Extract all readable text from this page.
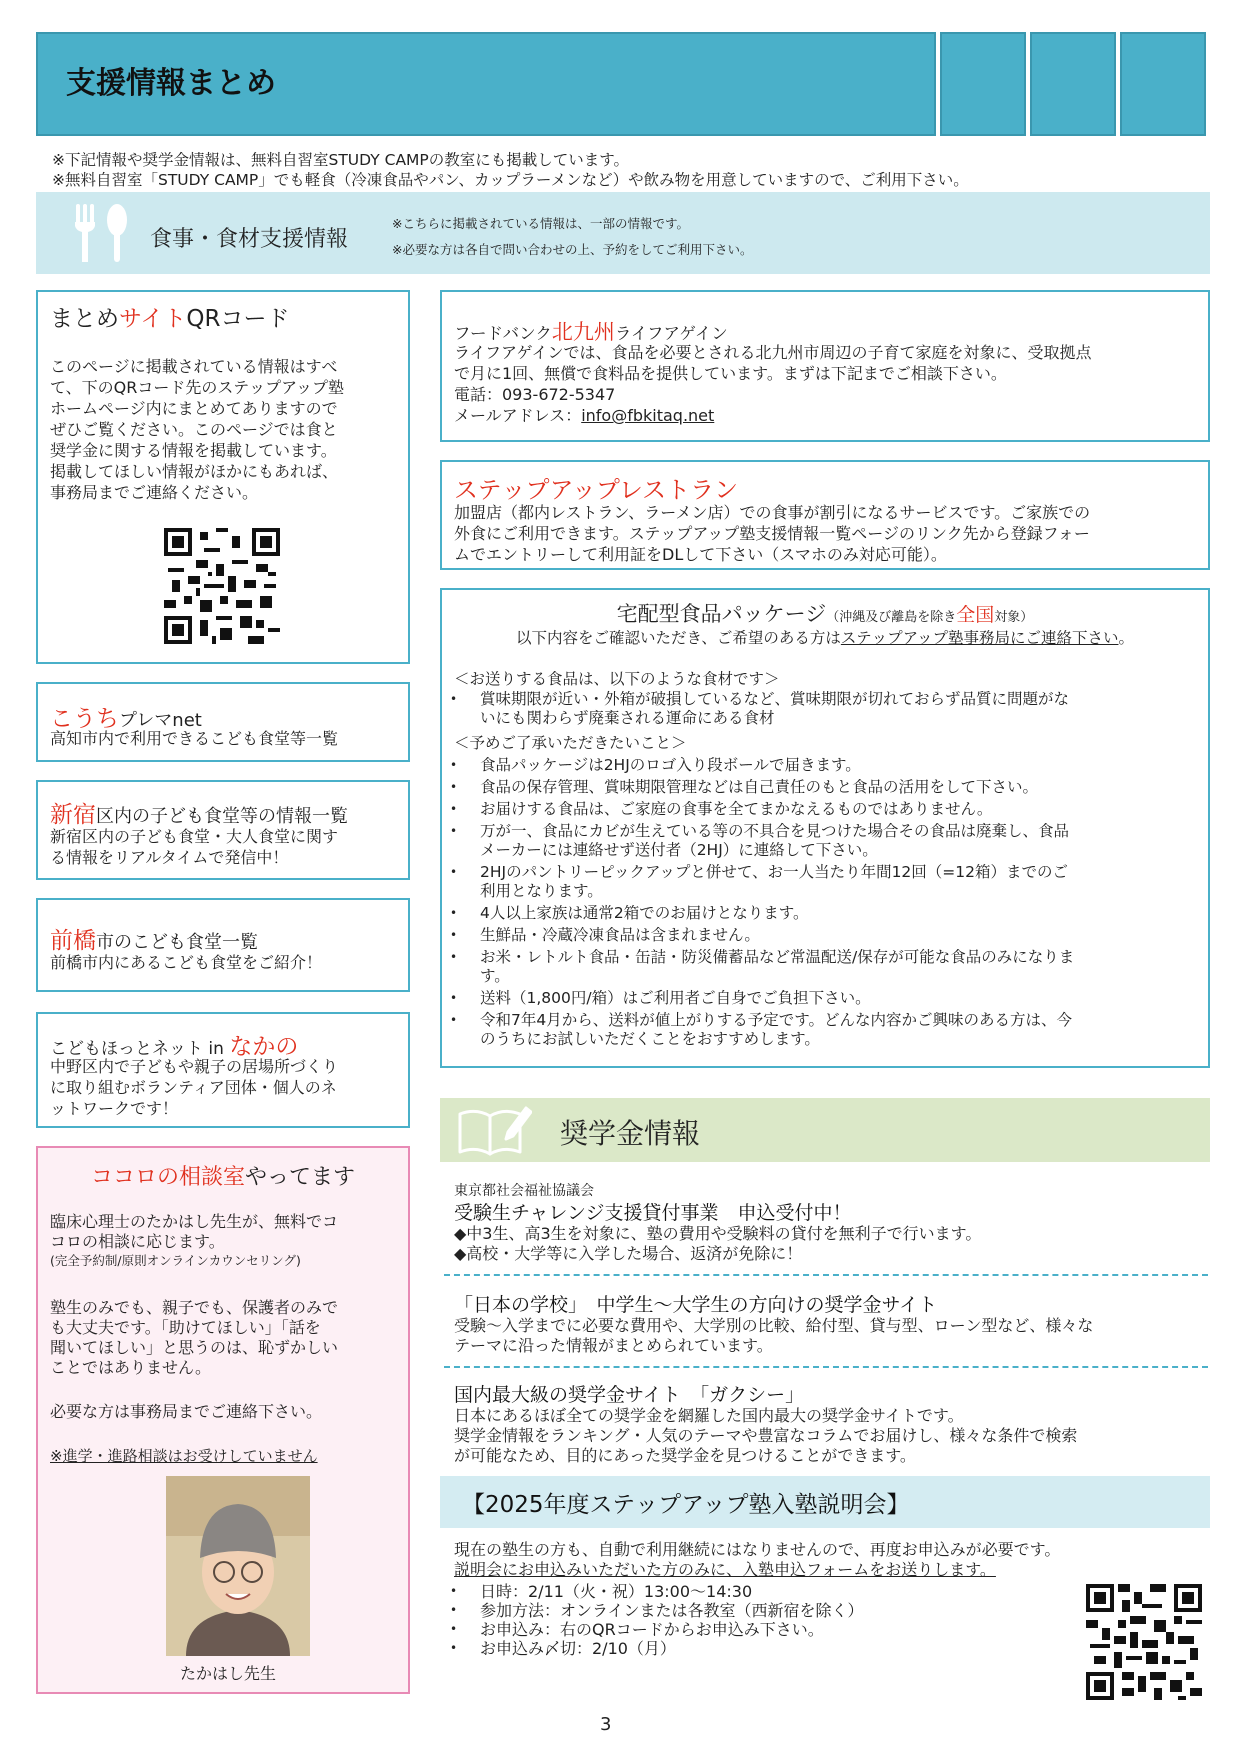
支援情報まとめ
※下記情報や奨学金情報は、無料自習室STUDY CAMPの教室にも掲載しています。
※無料自習室「STUDY CAMP」でも軽食（冷凍食品やパン、カップラーメンなど）や飲み物を用意していますので、ご利用下さい。
食事・食材支援情報
※こちらに掲載されている情報は、一部の情報です。
※必要な方は各自で問い合わせの上、予約をしてご利用下さい。
まとめサイトQRコード
このページに掲載されている情報はすべ
て、下のQRコード先のステップアップ塾
ホームページ内にまとめてありますので
ぜひご覧ください。このページでは食と
奨学金に関する情報を掲載しています。
掲載してほしい情報がほかにもあれば、
事務局までご連絡ください。
こうちプレマnet
高知市内で利用できるこども食堂等一覧
新宿区内の子ども食堂等の情報一覧
新宿区内の子ども食堂・大人食堂に関す
る情報をリアルタイムで発信中！
前橋市のこども食堂一覧
前橋市内にあるこども食堂をご紹介！
こどもほっとネット in なかの
中野区内で子どもや親子の居場所づくり
に取り組むボランティア団体・個人のネ
ットワークです！
ココロの相談室やってます
臨床心理士のたかはし先生が、無料でコ
コロの相談に応じます。
(完全予約制/原則オンラインカウンセリング)
塾生のみでも、親子でも、保護者のみで
も大丈夫です。「助けてほしい」「話を
聞いてほしい」と思うのは、恥ずかしい
ことではありません。
必要な方は事務局までご連絡下さい。
※進学・進路相談はお受けしていません
たかはし先生
フードバンク北九州ライフアゲイン
ライフアゲインでは、食品を必要とされる北九州市周辺の子育て家庭を対象に、受取拠点
で月に1回、無償で食料品を提供しています。まずは下記までご相談下さい。
電話：093-672-5347
メールアドレス：info@fbkitaq.net
ステップアップレストラン
加盟店（都内レストラン、ラーメン店）での食事が割引になるサービスです。ご家族での
外食にご利用できます。ステップアップ塾支援情報一覧ページのリンク先から登録フォー
ムでエントリーして利用証をDLして下さい（スマホのみ対応可能）。
宅配型食品パッケージ（沖縄及び離島を除き全国対象）
以下内容をご確認いただき、ご希望のある方はステップアップ塾事務局にご連絡下さい。
＜お送りする食品は、以下のような食材です＞
• 賞味期限が近い・外箱が破損しているなど、賞味期限が切れておらず品質に問題がな
いにも関わらず廃棄される運命にある食材
＜予めご了承いただきたいこと＞
• 食品パッケージは2HJのロゴ入り段ボールで届きます。
• 食品の保存管理、賞味期限管理などは自己責任のもと食品の活用をして下さい。
• お届けする食品は、ご家庭の食事を全てまかなえるものではありません。
• 万が一、食品にカビが生えている等の不具合を見つけた場合その食品は廃棄し、食品
メーカーには連絡せず送付者（2HJ）に連絡して下さい。
• 2HJのパントリーピックアップと併せて、お一人当たり年間12回（=12箱）までのご
利用となります。
• 4人以上家族は通常2箱でのお届けとなります。
• 生鮮品・冷蔵冷凍食品は含まれません。
• お米・レトルト食品・缶詰・防災備蓄品など常温配送/保存が可能な食品のみになりま
す。
• 送料（1,800円/箱）はご利用者ご自身でご負担下さい。
• 令和7年4月から、送料が値上がりする予定です。どんな内容かご興味のある方は、今
のうちにお試しいただくことをおすすめします。
奨学金情報
東京都社会福祉協議会
受験生チャレンジ支援貸付事業　申込受付中！
◆中3生、高3生を対象に、塾の費用や受験料の貸付を無利子で行います。
◆高校・大学等に入学した場合、返済が免除に！
「日本の学校」　中学生～大学生の方向けの奨学金サイト
受験～入学までに必要な費用や、大学別の比較、給付型、貸与型、ローン型など、様々な
テーマに沿った情報がまとめられています。
国内最大級の奨学金サイト　「ガクシー」
日本にあるほぼ全ての奨学金を網羅した国内最大の奨学金サイトです。
奨学金情報をランキング・人気のテーマや豊富なコラムでお届けし、様々な条件で検索
が可能なため、目的にあった奨学金を見つけることができます。
【2025年度ステップアップ塾入塾説明会】
現在の塾生の方も、自動で利用継続にはなりませんので、再度お申込みが必要です。
説明会にお申込みいただいた方のみに、入塾申込フォームをお送りします。
• 日時：2/11（火・祝）13:00～14:30
• 参加方法：オンラインまたは各教室（西新宿を除く）
• お申込み：右のQRコードからお申込み下さい。
• お申込み〆切：2/10（月）
3
